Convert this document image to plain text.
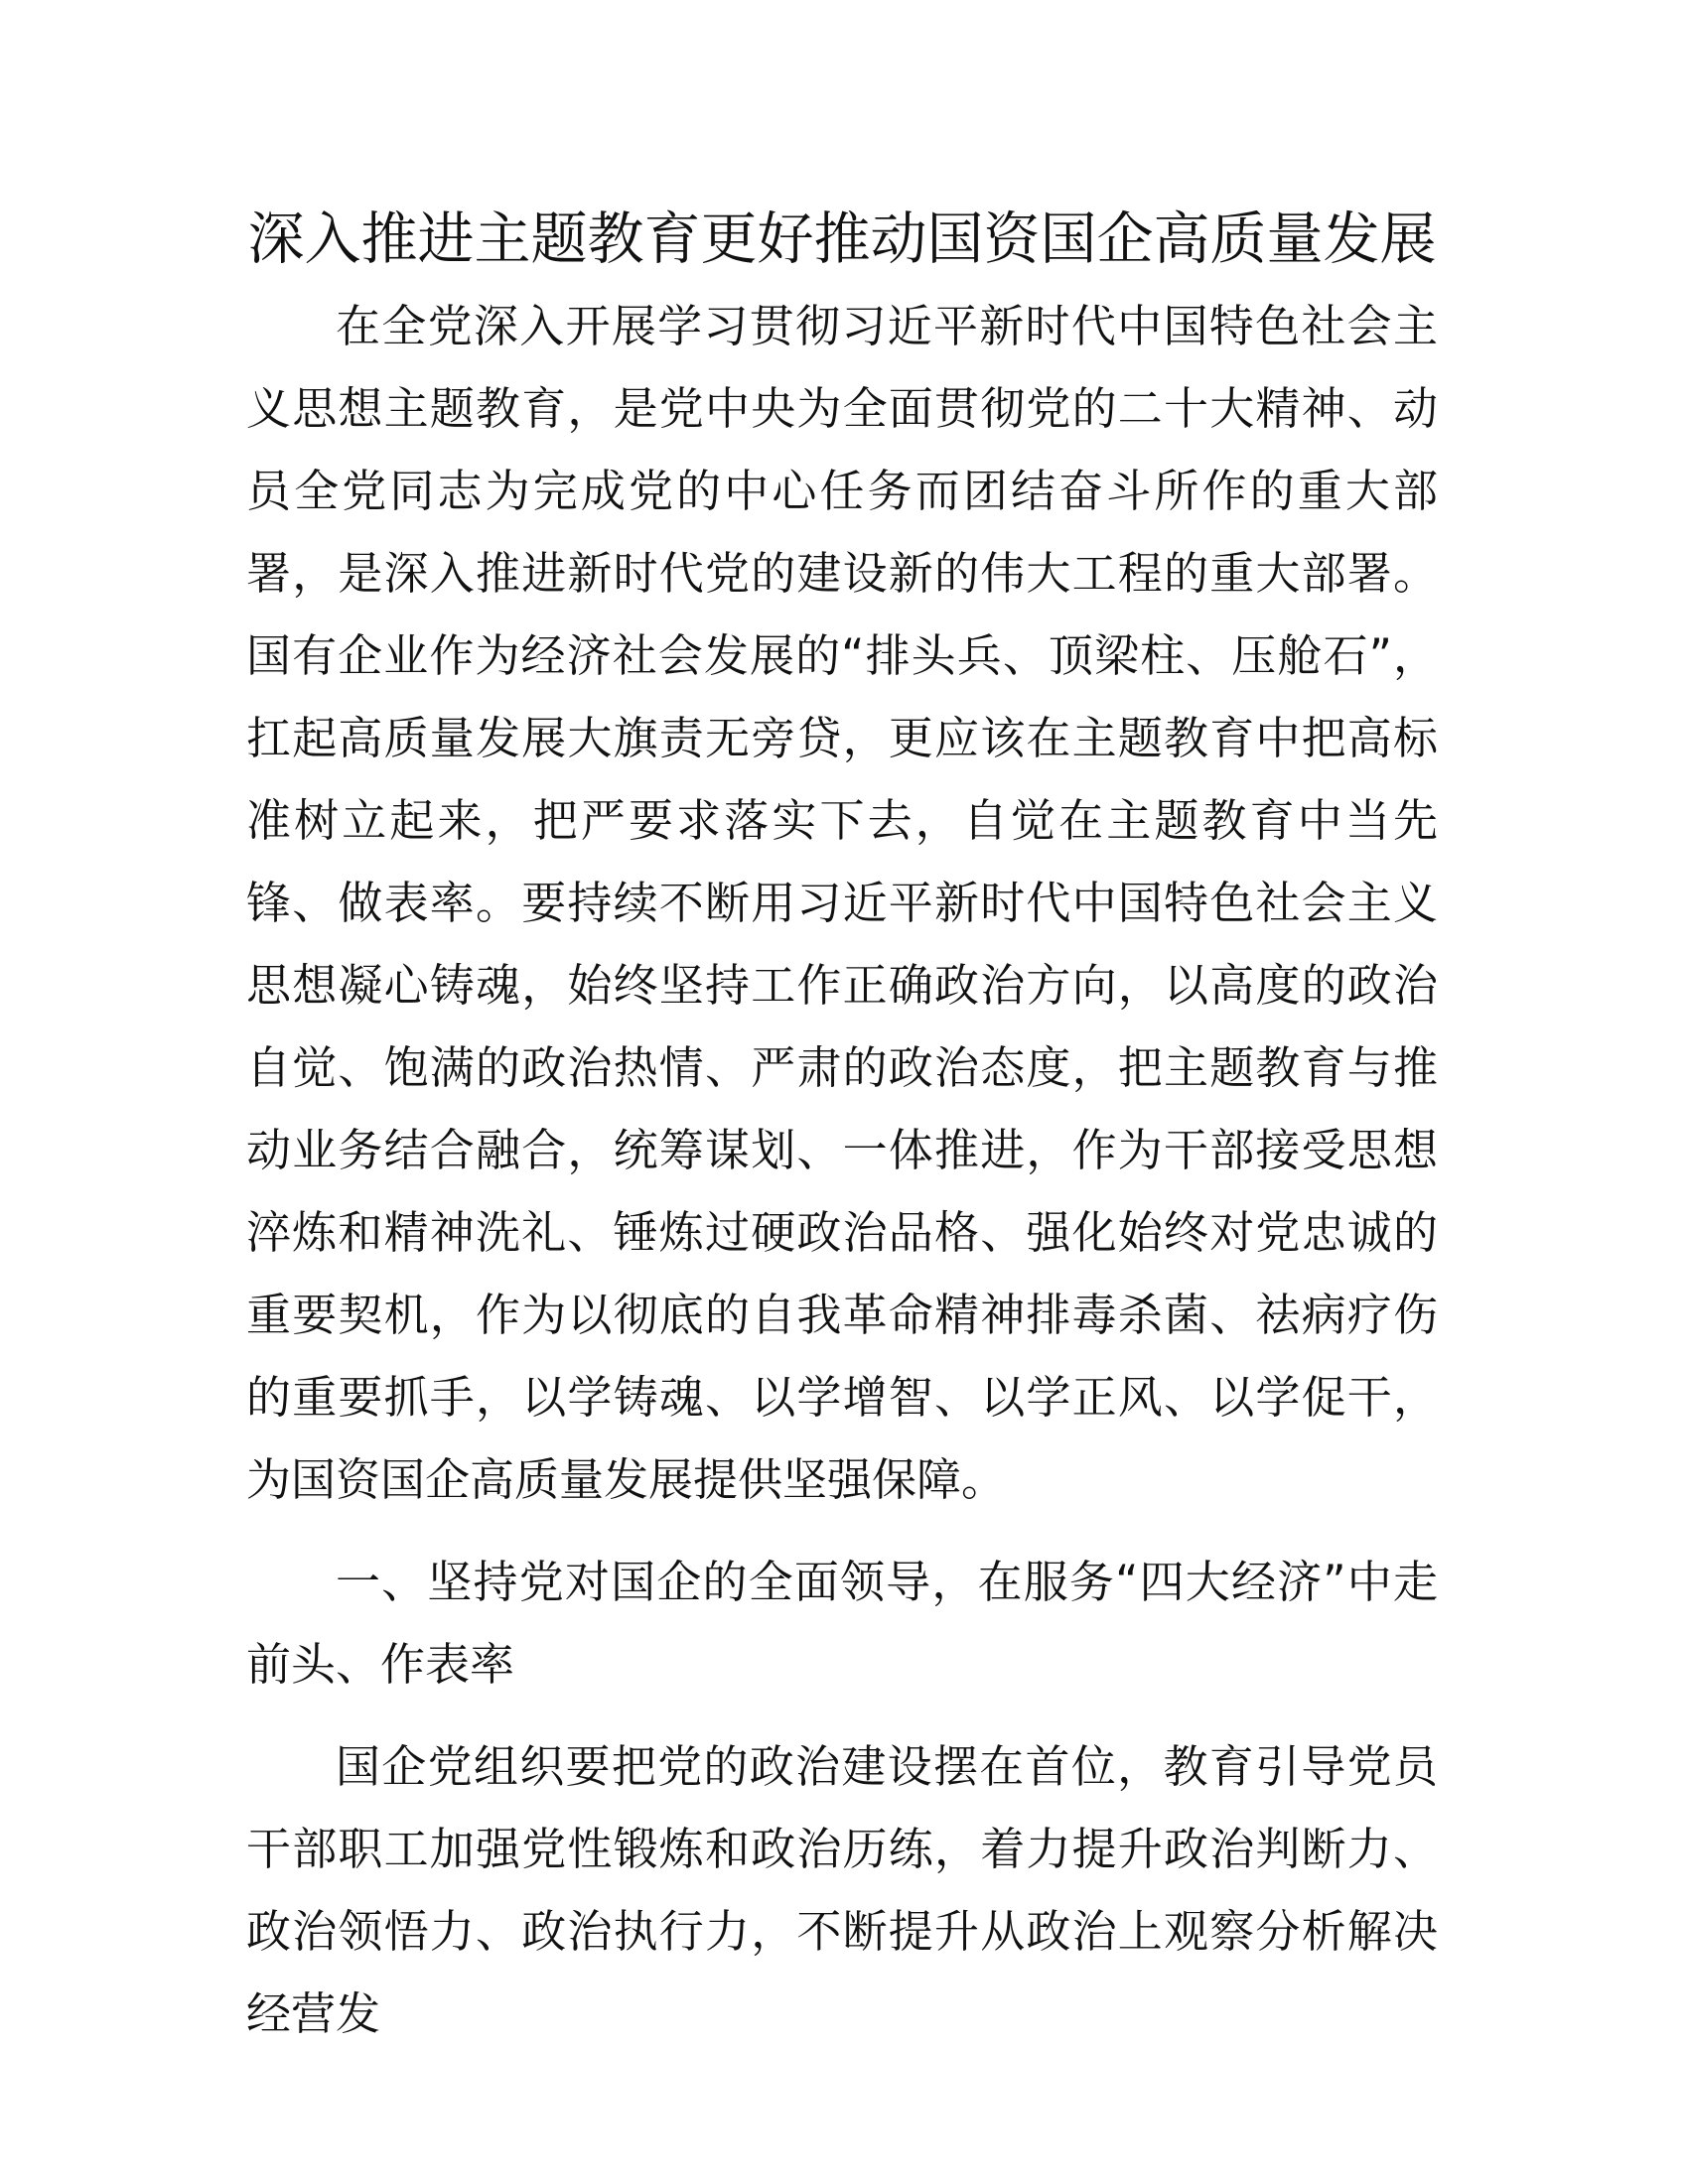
深入推进主题教育更好推动国资国企高质量发展

在全党深入开展学习贯彻习近平新时代中国特色社会主义思想主题教育，是党中央为全面贯彻党的二十大精神、动员全党同志为完成党的中心任务而团结奋斗所作的重大部署，是深入推进新时代党的建设新的伟大工程的重大部署。国有企业作为经济社会发展的“排头兵、顶梁柱、压舱石”，扛起高质量发展大旗责无旁贷，更应该在主题教育中把高标准树立起来，把严要求落实下去，自觉在主题教育中当先锋、做表率。要持续不断用习近平新时代中国特色社会主义思想凝心铸魂，始终坚持工作正确政治方向，以高度的政治自觉、饱满的政治热情、严肃的政治态度，把主题教育与推动业务结合融合，统筹谋划、一体推进，作为干部接受思想淬炼和精神洗礼、锤炼过硬政治品格、强化始终对党忠诚的重要契机，作为以彻底的自我革命精神排毒杀菌、祛病疗伤的重要抓手，以学铸魂、以学增智、以学正风、以学促干，为国资国企高质量发展提供坚强保障。

一、坚持党对国企的全面领导，在服务“四大经济”中走前头、作表率

国企党组织要把党的政治建设摆在首位，教育引导党员干部职工加强党性锻炼和政治历练，着力提升政治判断力、政治领悟力、政治执行力，不断提升从政治上观察分析解决经营发
